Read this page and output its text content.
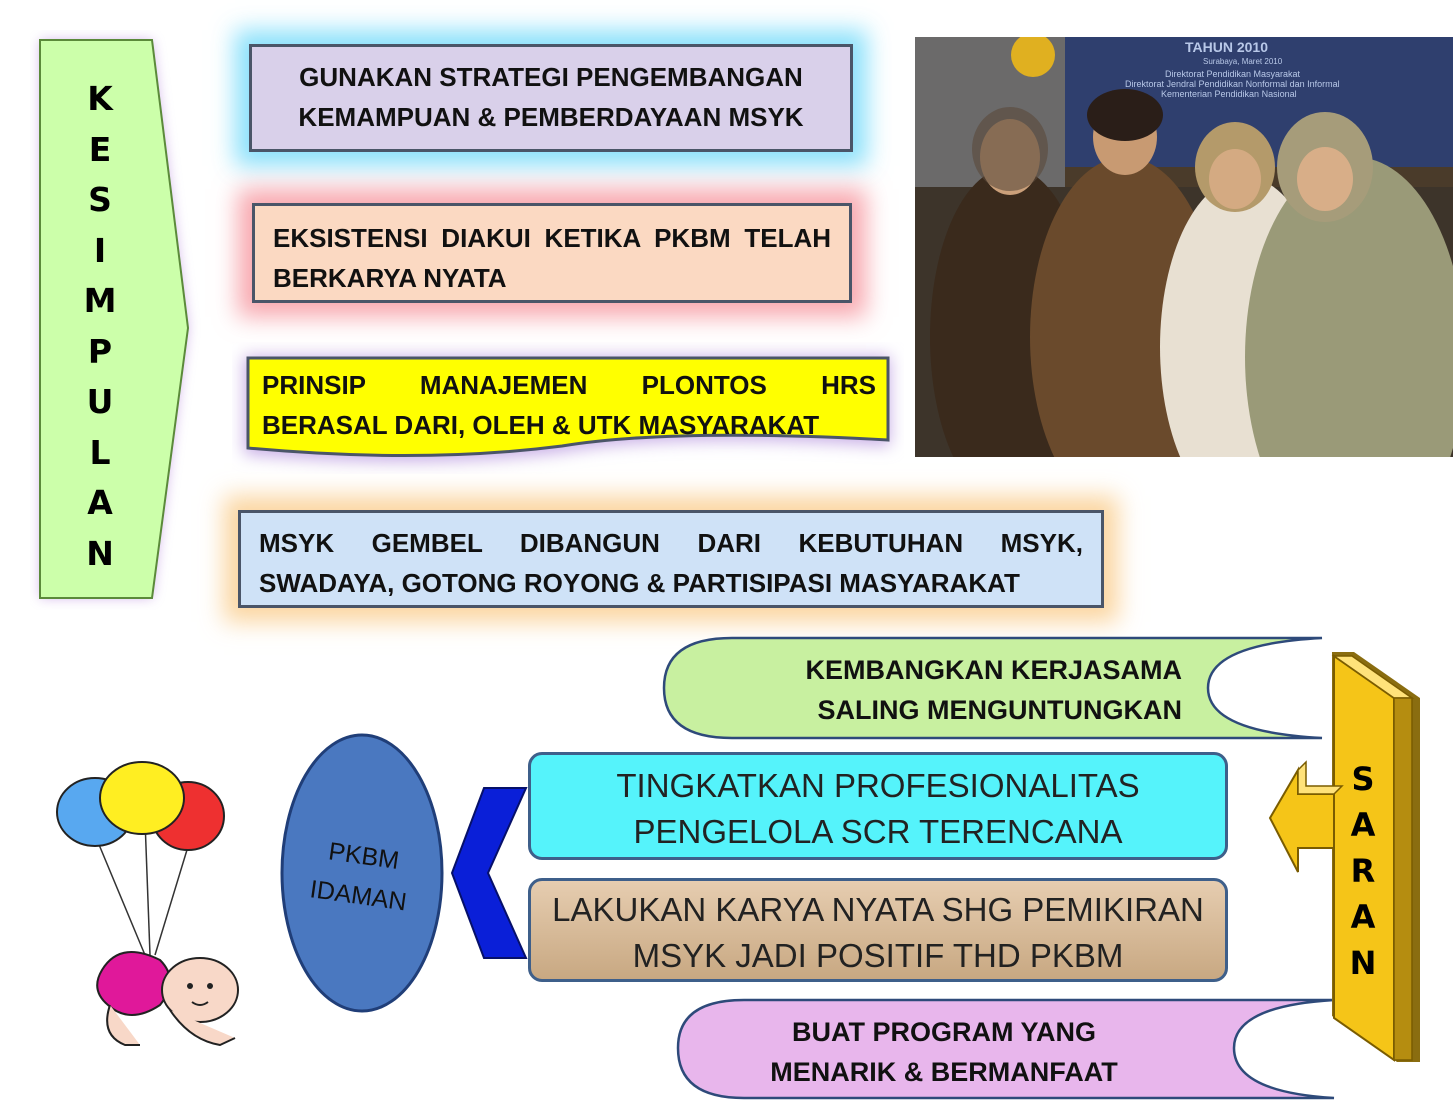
K
E
S
I
M
P
U
L
A
N
GUNAKAN STRATEGI PENGEMBANGAN
KEMAMPUAN & PEMBERDAYAAN MSYK
EKSISTENSI DIAKUI KETIKA PKBM TELAH
BERKARYA NYATA
PRINSIP MANAJEMEN PLONTOS HRS
BERASAL DARI, OLEH & UTK MASYARAKAT
MSYK GEMBEL DIBANGUN DARI KEBUTUHAN MSYK,
SWADAYA, GOTONG ROYONG & PARTISIPASI MASYARAKAT
TAHUN 2010
Surabaya, Maret 2010
Direktorat Pendidikan Masyarakat
Direktorat Jendral Pendidikan Nonformal dan Informal
Kementerian Pendidikan Nasional
KEMBANGKAN KERJASAMA
SALING MENGUNTUNGKAN
BUAT PROGRAM YANG
MENARIK & BERMANFAAT
TINGKATKAN PROFESIONALITAS
PENGELOLA SCR TERENCANA
LAKUKAN KARYA NYATA SHG PEMIKIRAN
MSYK JADI POSITIF THD PKBM
S
A
R
A
N
PKBM
IDAMAN
